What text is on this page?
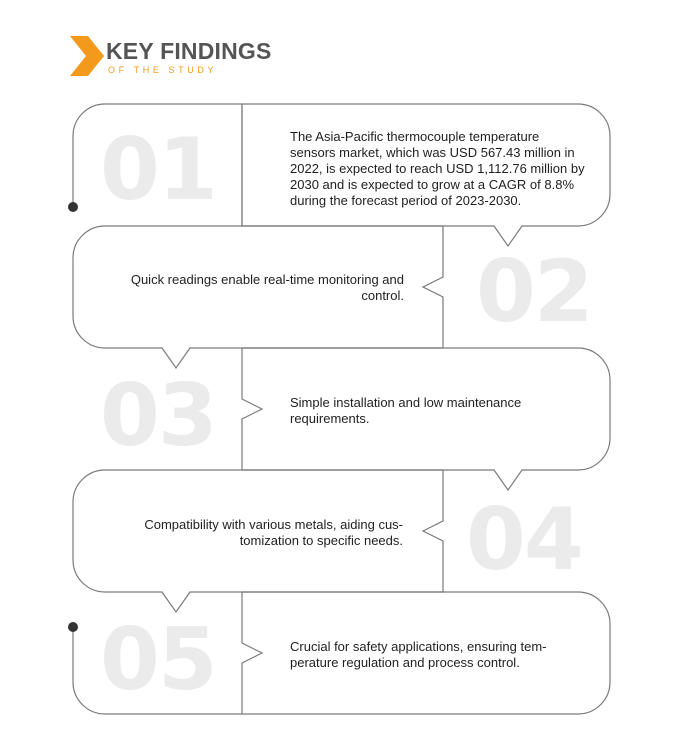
KEY FINDINGS
OF THE STUDY
01
02
03
04
05
The Asia-Pacific thermocouple temperature sensors market, which was USD 567.43 million in 2022, is expected to reach USD 1,112.76 million by 2030 and is expected to grow at a CAGR of 8.8% during the forecast period of 2023-2030.
Quick readings enable real-time monitoring and control.
Simple installation and low maintenance requirements.
Compatibility with various metals, aiding cus-tomization to specific needs.
Crucial for safety applications, ensuring tem-perature regulation and process control.
